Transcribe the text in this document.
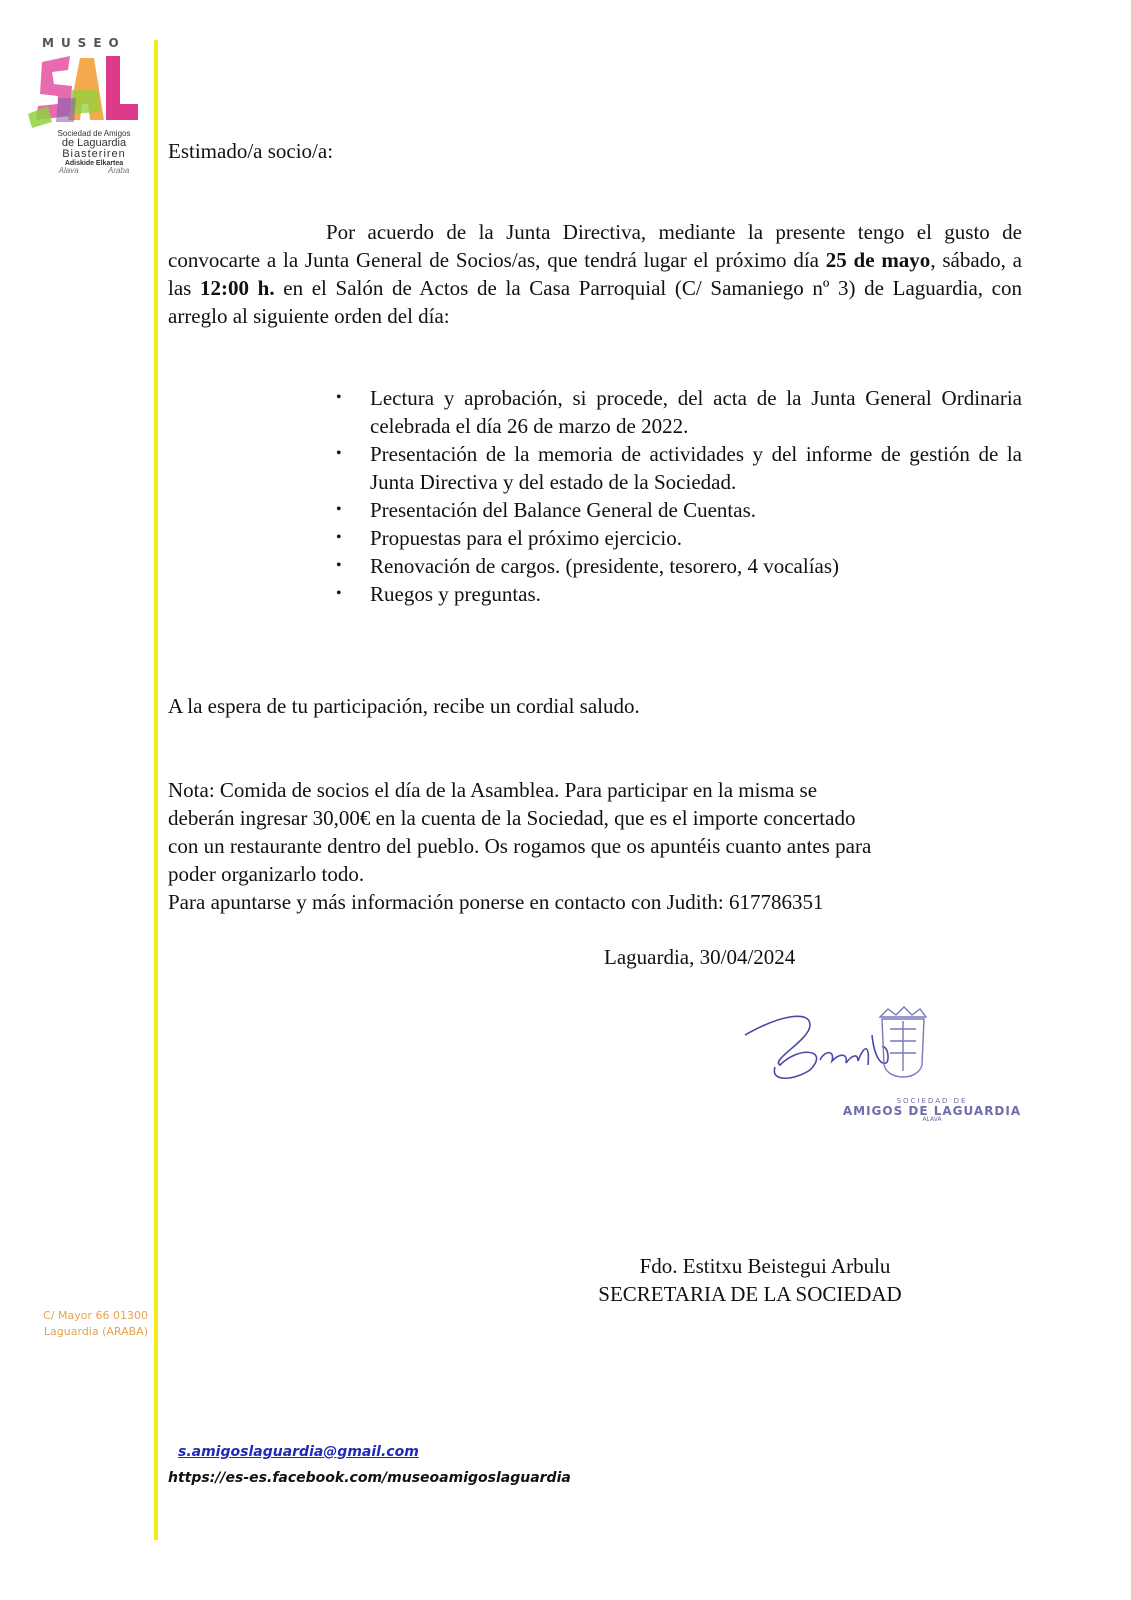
MUSEO
Sociedad de Amigos
de Laguardia
Biasteriren
Adiskide Elkartea
Alava	Araba
C/ Mayor 66 01300
Laguardia (ARABA)
Estimado/a socio/a:
Por acuerdo de la Junta Directiva, mediante la presente tengo el gusto de convocarte a la Junta General de Socios/as, que tendrá lugar el próximo día 25 de mayo, sábado, a las 12:00 h. en el Salón de Actos de la Casa Parroquial (C/ Samaniego nº 3) de Laguardia, con arreglo al siguiente orden del día:
• Lectura y aprobación, si procede, del acta de la Junta General Ordinaria celebrada el día 26 de marzo de 2022.
• Presentación de la memoria de actividades y del informe de gestión de la Junta Directiva y del estado de la Sociedad.
• Presentación del Balance General de Cuentas.
• Propuestas para el próximo ejercicio.
• Renovación de cargos. (presidente, tesorero, 4 vocalías)
• Ruegos y preguntas.
A la espera de tu participación, recibe un cordial saludo.
Nota: Comida de socios el día de la Asamblea. Para participar en la misma se
deberán ingresar 30,00€ en la cuenta de la Sociedad, que es el importe concertado
con un restaurante dentro del pueblo. Os rogamos que os apuntéis cuanto antes para
poder organizarlo todo.
Para apuntarse y más información ponerse en contacto con Judith: 617786351
Laguardia, 30/04/2024
SOCIEDAD DE
AMIGOS DE LAGUARDIA
ALAVA
Fdo. Estitxu Beistegui Arbulu
SECRETARIA DE LA SOCIEDAD
s.amigoslaguardia@gmail.com
https://es-es.facebook.com/museoamigoslaguardia
